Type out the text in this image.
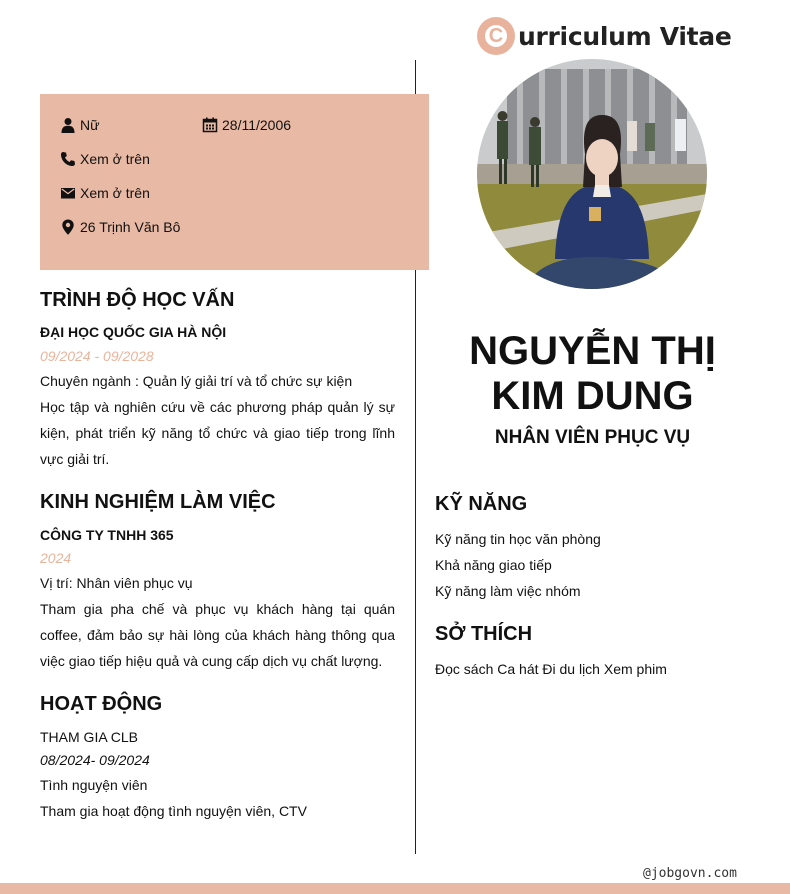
C urriculum Vitae
Nữ	28/11/2006
Xem ở trên
Xem ở trên
26 Trịnh Văn Bô
TRÌNH ĐỘ HỌC VẤN
ĐẠI HỌC QUỐC GIA HÀ NỘI
09/2024 - 09/2028
Chuyên ngành : Quản lý giải trí và tổ chức sự kiện
Học tập và nghiên cứu về các phương pháp quản lý sự kiện, phát triển kỹ năng tổ chức và giao tiếp trong lĩnh vực giải trí.
KINH NGHIỆM LÀM VIỆC
CÔNG TY TNHH 365
2024
Vị trí: Nhân viên phục vụ
Tham gia pha chế và phục vụ khách hàng tại quán coffee, đảm bảo sự hài lòng của khách hàng thông qua việc giao tiếp hiệu quả và cung cấp dịch vụ chất lượng.
HOẠT ĐỘNG
THAM GIA CLB
08/2024- 09/2024
Tình nguyện viên
Tham gia hoạt động tình nguyện viên, CTV
NGUYỄN THỊ KIM DUNG
NHÂN VIÊN PHỤC VỤ
KỸ NĂNG
Kỹ năng tin học văn phòng
Khả năng giao tiếp
Kỹ năng làm việc nhóm
SỞ THÍCH
Đọc sách Ca hát Đi du lịch Xem phim
@jobgovn.com
